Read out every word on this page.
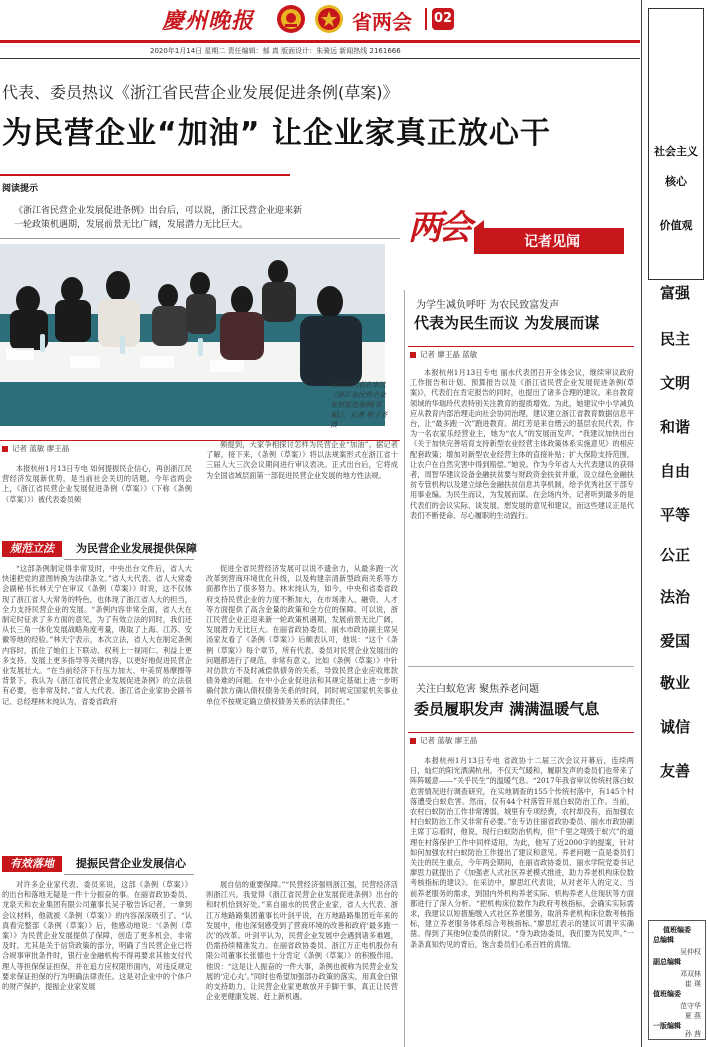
慶州晚报	省两会 02
2020年1月14日 星期二 责任编辑：郁 真 版面设计：朱骑远 新闻热线 2161666
代表、委员热议《浙江省民营企业发展促进条例(草案)》
为民营企业“加油” 让企业家真正放心干
阅读提示
《浙江省民营企业发展促进条例》出台后，可以说，浙江民营企业迎来新一轮政策机遇期，发展前景无比广阔，发展潜力无比巨大。
丽水的代表在审议《浙江省民营企业发展促进条例(草案)》。记者 程子齐 摄
记者 蓝敏 廖王晶

本报杭州1月13日专电 如何提振民企信心，再创浙江民营经济发展新优势，是当前社会关切的话题。今年省两会上，《浙江省民营企业发展促进条例（草案）》（下称《条例（草案）》）被代表委员频

频提到，大家争相探讨怎样为民营企业“加油”。据记者了解，接下来，《条例（草案）》将以法规案形式在浙江省十三届人大三次会议期间进行审议表决。正式出台后，它将成为全国省域层面第一部促进民营企业发展的地方性法规。

规范立法	为民营企业发展提供保障

“这部条例制定得非常及时，中央出台文件后，省人大快速把党的意图转换为法律条文。”省人大代表、省人大常委会副秘书长林天宁在审议《条例（草案）》时说，这不仅体现了浙江省人大常务的特色，也体现了浙江省人大的担当，全力支持民营企业的发展。“条例内容非常全面，省人大在制定时征求了多方面的意见，为了有效立法的同时，我们还从长三角一体化发展战略角度考量，吸取了上海、江苏、安徽等地的经验。”林天宁表示，本次立法，省人大在制定条例内容时，抓住了她们上下联动、权利上一视同仁、利益上更多支持、发展上更多指导等关键内容，以更好地促进民营企业发展壮大。“在当前经济下行压力加大、中美贸易摩擦等背景下，我认为《浙江省民营企业发展促进条例》的立法很有必要，也非常及时。”省人大代表、浙江省企业家协会副书记、总经理林末纯认为，省委省政府

促进全省民营经济发展可以说不遗余力，从最多跑一次改革到营商环境优化升级，以及构建亲清新型政商关系等方面都作出了很多努力。林末纯认为，如今，中央和省委省政府支持民营企业的力度不断加大，在市场准入、融资、人才等方面提供了高含金量的政策和全方位的保障。可以说，浙江民营企业正迎来新一轮政策机遇期，发展前景无比广阔，发展潜力无比巨大。在丽省政协委员、丽水市政协副主席吴汤家友看了《条例（草案）》后颇表认可，他说：“这个《条例（草案）》每个章节，所有代表、委员对民营企业发展出的问题都进行了规范，非常有意义。比如《条例（草案）》中针对仿款方不及时减偿供债务的关系，导致民营企业应收账款债务难的问题。在中小企业促进法和其规定基础上进一步明确付款方确认债权债务关系的时间，同时规定国家机关事业单位不按规定确立债权债务关系的法律责任。”

有效落地	提振民营企业发展信心

对许多企业家代表、委员来说，这部《条例（草案）》的出台和落地无疑是一件十分振奋的事。在丽省政协委员、龙泉天和农业集团有限公司董事长吴子敬告诉记者，一拿到会议材料，他就被《条例（草案）》的内容深深吸引了。“认真看完整部《条例（草案）》后，他感动地说：‘《条例（草案）》为民营企业发展提供了保障，创造了更多机会，非常及时。尤其是关于信贷政策的部分，明确了当民营企业已将合规事审批条件时，银行业金融机构不得再要求其他支付代理人等担保保证担保，并在追方应权限形面内，对违反规定要求保证担保的行为明确法律责任。这是对企业中的个体户的财产保护，提振企业家发展

展自信的重要保障。”“民营经济强则浙江强，民营经济活则浙江兴。我觉得《浙江省民营企业发展促进条例》出台的和时机恰到好处。”来自丽水的民营企业家，省人大代表、浙江万地路路集团董事长叶剑平说，在万地路路集团近年来的发展中，他也深刻感受到了营商环境的改善和政府‘最多跑一次’的改革。叶剑平认为，民营企业发展中会遇到诸多难题，仍需持续精准发力。在丽省政协委员、浙江万正电机股份有限公司董事长张德也十分肯定《条例（草案）》的积极作用。他说：“这是让人振奋的一件大事，条例也被称为民营企业发展的‘定心丸’。”同时也希望加强部办政策的落实，用真金白银的支持助力，让民营企业家更敢放开手脚干事，真正让民营企业更健康发展、赶上新机遇。

两会	记者见闻
为学生减负呼吁 为农民致富发声
代表为民生而议 为发展而谋
记者 廖王晶 蓝敏

本报杭州1月13日专电 丽水代表团召开全体会议，继续审议政府工作报告和计划、预算报告以及《浙江省民营企业发展促进条例(草案)》，代表们在肯定报告的同时，也提出了诸多合理的建议。来自教育领域的华瑞玲代表特别关注教育的提质增效。为此，她建议中小学减负应从教育内部治理走向社会协同治理，建议建立浙江省教育数据信息平台，让“最多跑一次”跑进教育。胡红芳是来自缙云的基层农民代表，作为一名农家乐经营业主，她为“农人”的发展而发声。“我建议加快出台《关于加快完善培育支持新型农业经营主体政策体系实施意见》的相应配套政策；增加对新型农业经营主体的直接补贴；扩大保险支持范围，让农户在自然灾害中得到赔偿。”她说。作为今年省人大代表建议的获得者，周智华建议设备金融扶贫要与财政资金扶贫并重，设立绿色金融扶贫专管机构以及建立绿色金融扶贫信息共享机制，给予优秀社区干部专用事业编。为民生而议，为发展而谋。在会场内外，记者听到最多的是代表们的会议实际、谈发展、想发展的意见和建议，而这些建议正是代表们不断使命、尽心履职的生动践行。

关注白蚁危害 聚焦养老问题
委员履职发声 满满温暖气息
记者 蓝敏 廖王晶

本报杭州1月13日专电 省政协十二届三次会议开幕后，连续两日，灿烂的阳光洒满杭州。不仅天气暖和，履职发声的委员们也带来了阵阵暖意——“关乎民生”的温暖气息。“2017年我省审议传统村落白蚁危害情况进行调查研究，在实地调查的155个传统村落中，有145个村落遭受白蚁危害。然而，仅有44个村落管开展白蚁防治工作。当前，农村白蚁防治工作非常薄弱，城里有专项经费，农村却没有，而加强农村白蚁防治工作又非常有必要。”在专访住丽省政协委员、丽水市政协副主席丁忘看时，他说，现行白蚁防治机构，但“千里之堤毁于蚁穴”的道理在村落保护工作中同样适用，为此，他写了近2000字的提案，针对如何加强农村白蚁防治工作提出了建议和意见。养老问题一直是委员们关注的民生重点，今年两会期间，在丽省政协委员、丽水学院党委书记廖思力就提出了《加强老人式社区养老模式推进，助力养老机构床位数考核指标的建议》。在采访中，廖思红代表说，从对老年人的定义、当前养老服务的需求，到国内外机构养老实际、机构养老人住现状等方面都进行了深入分析。“把机构床位数作为政府考核指标，会确实实际需求，我建议以短措施缴入式社区养老服务，取消养老机构床位数考核指标，建立养老服务体系综合考核指标。”廖思红表示的建议可谓平实确凿。得到了其他9位委员的附议。“身为政协委员，我们要为民发声。”一条条真知灼见的背后，饱含委员们心系百姓的真情。

社会主义
核心
价值观
富强
民主
文明
和谐
自由
平等
公正
法治
爱国
敬业
诚信
友善
值班编委
总编辑
吴仲权
副总编辑
邓双林
崔 瑛
值班编委
范守华
夏 燕
一版编辑
孙 茜
